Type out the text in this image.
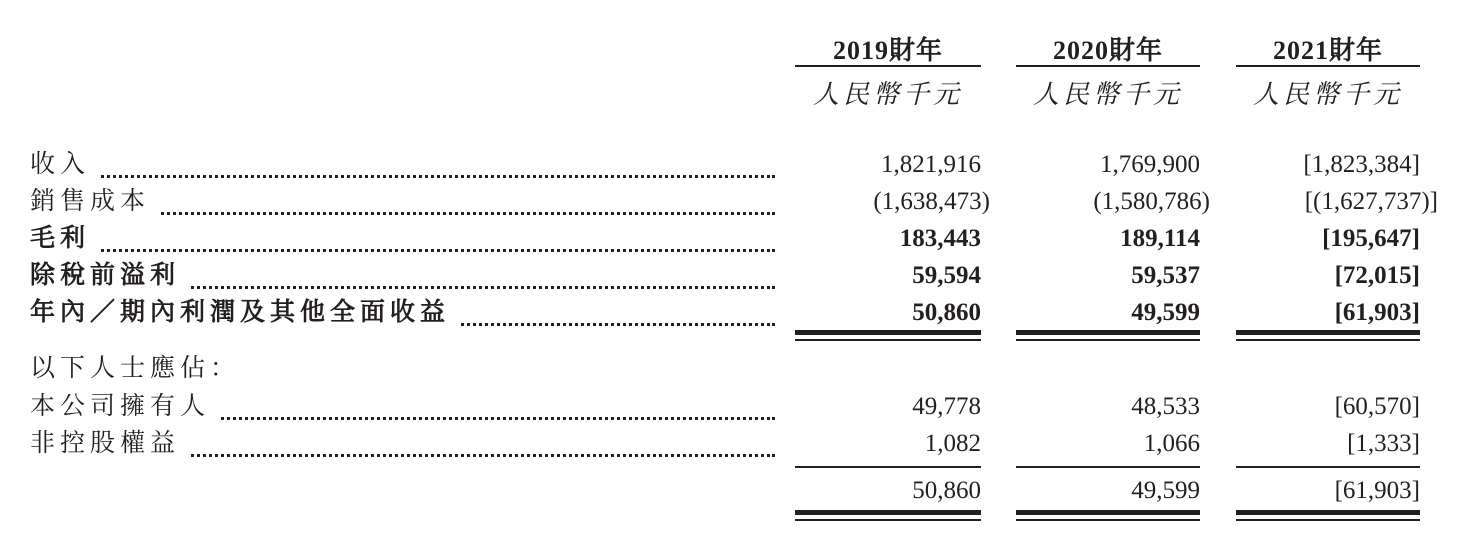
2019財年	2020財年	2021財年
人民幣千元	人民幣千元	人民幣千元
收入	1,821,916	1,769,900	[1,823,384]
銷售成本	(1,638,473)	(1,580,786)	[(1,627,737)]
毛利	183,443	189,114	[195,647]
除稅前溢利	59,594	59,537	[72,015]
年內／期內利潤及其他全面收益	50,860	49,599	[61,903]
以下人士應佔：
本公司擁有人	49,778	48,533	[60,570]
非控股權益	1,082	1,066	[1,333]
50,860	49,599	[61,903]
